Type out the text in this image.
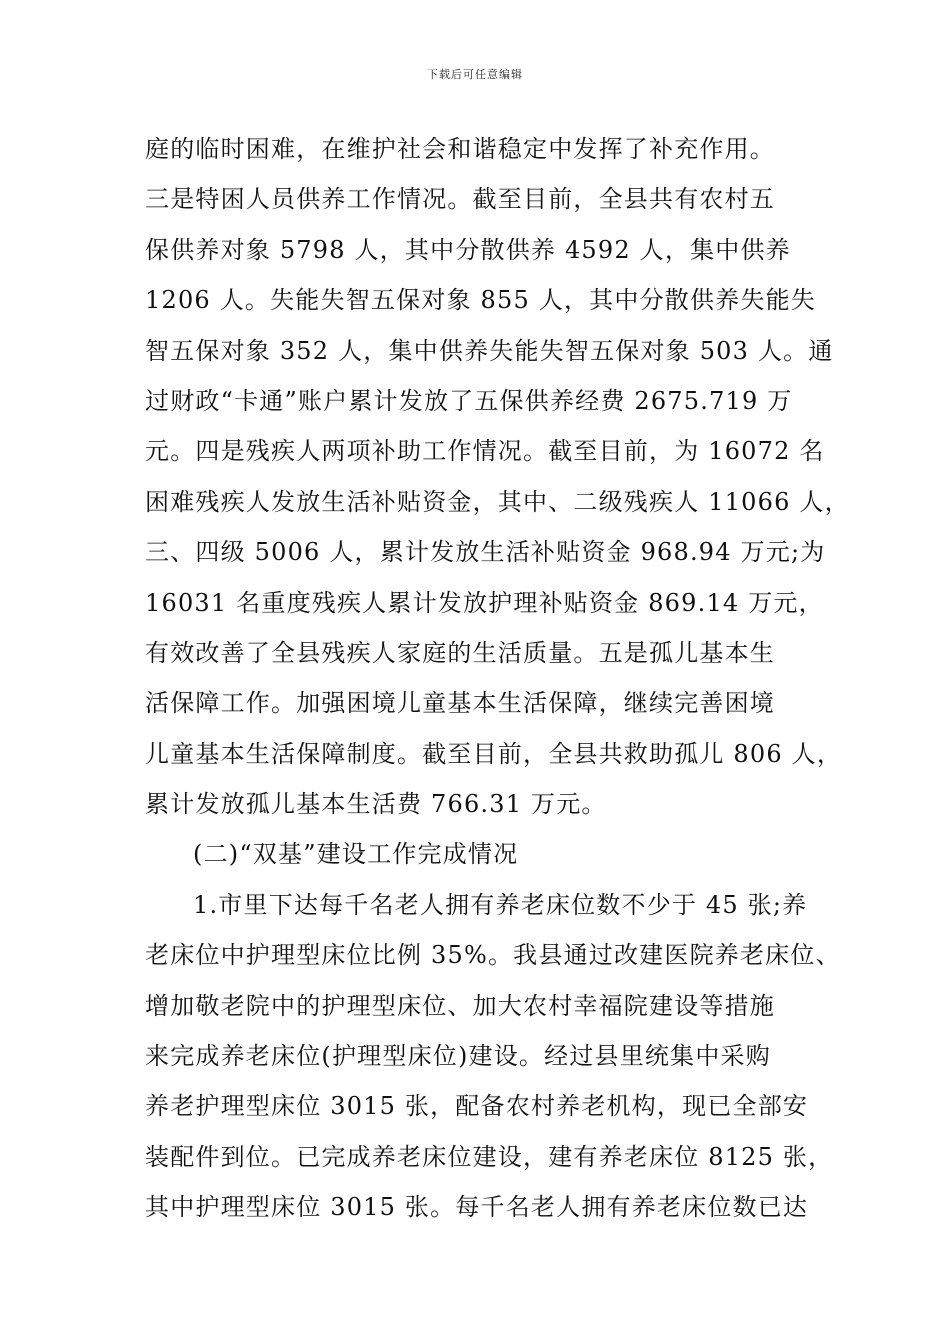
下载后可任意编辑
庭的临时困难，在维护社会和谐稳定中发挥了补充作用。
三是特困人员供养工作情况。截至目前，全县共有农村五
保供养对象 5798 人，其中分散供养 4592 人，集中供养
1206 人。失能失智五保对象 855 人，其中分散供养失能失
智五保对象 352 人，集中供养失能失智五保对象 503 人。通
过财政“卡通”账户累计发放了五保供养经费 2675.719 万
元。四是残疾人两项补助工作情况。截至目前，为 16072 名
困难残疾人发放生活补贴资金，其中、二级残疾人 11066 人，
三、四级 5006 人，累计发放生活补贴资金 968.94 万元;为
16031 名重度残疾人累计发放护理补贴资金 869.14 万元，
有效改善了全县残疾人家庭的生活质量。五是孤儿基本生
活保障工作。加强困境儿童基本生活保障，继续完善困境
儿童基本生活保障制度。截至目前，全县共救助孤儿 806 人，
累计发放孤儿基本生活费 766.31 万元。
(二)“双基”建设工作完成情况
1.市里下达每千名老人拥有养老床位数不少于 45 张;养
老床位中护理型床位比例 35%。我县通过改建医院养老床位、
增加敬老院中的护理型床位、加大农村幸福院建设等措施
来完成养老床位(护理型床位)建设。经过县里统集中采购
养老护理型床位 3015 张，配备农村养老机构，现已全部安
装配件到位。已完成养老床位建设，建有养老床位 8125 张，
其中护理型床位 3015 张。每千名老人拥有养老床位数已达
